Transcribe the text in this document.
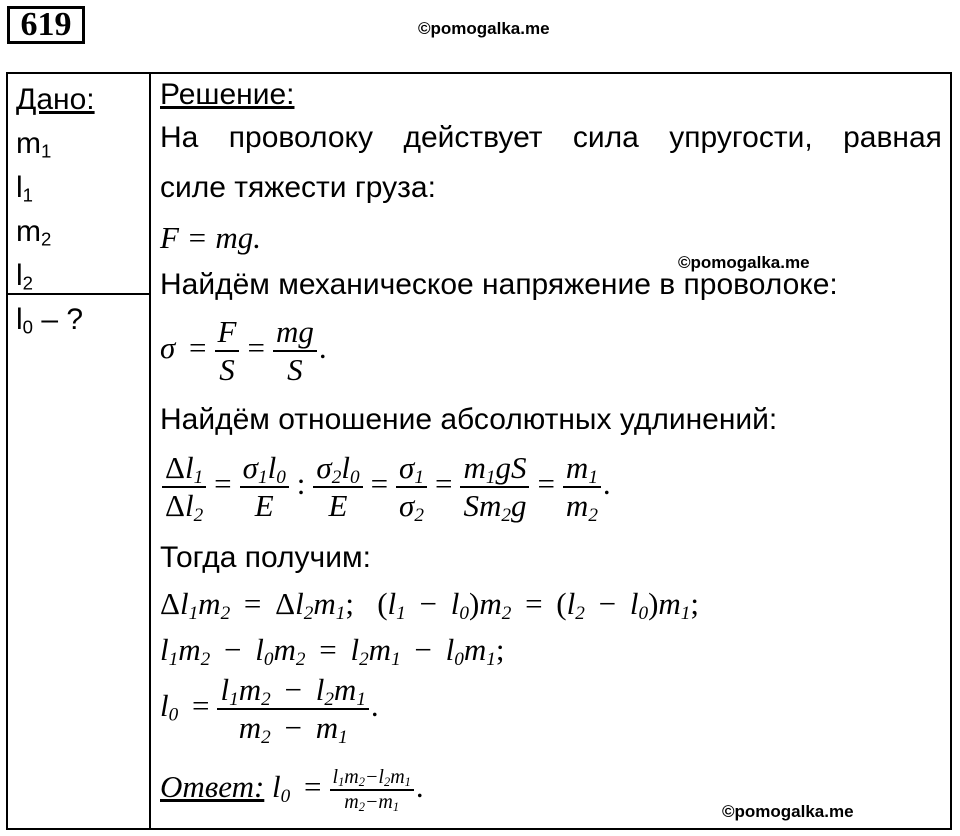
619	©pomogalka.me
Дано:
$m_1$
$l_1$
$m_2$
$l_2$
$l_0$ – ?
Решение:
На проволоку действует сила упругости, равная
силе тяжести груза:
F = mg.
©pomogalka.me
Найдём механическое напряжение в проволоке:
$\sigma = \frac{F}{S} = \frac{mg}{S}$ .
Найдём отношение абсолютных удлинений:
$\frac{\Delta l_1}{\Delta l_2} = \frac{\sigma_1l_0}{E}$ : $\frac{\sigma_2l_0}{E} = \frac{\sigma_1}{\sigma_2} = \frac{m_1gS}{Sm_2g} = \frac{m_1}{m_2}$ .
Тогда получим:
$\Delta l_1m_2 = \Delta l_2m_1$; $(l_1 - l_0)m_2 = (l_2 - l_0)m_1$;
$l_1m_2 - l_0m_2 = l_2m_1 - l_0m_1$;
$l_0 = \frac{l_1m_2 - l_2m_1}{m_2 - m_1}$ .
Ответ: $l_0 = \frac{l_1m_2-l_2m_1}{m_2-m_1}$ .
©pomogalka.me
